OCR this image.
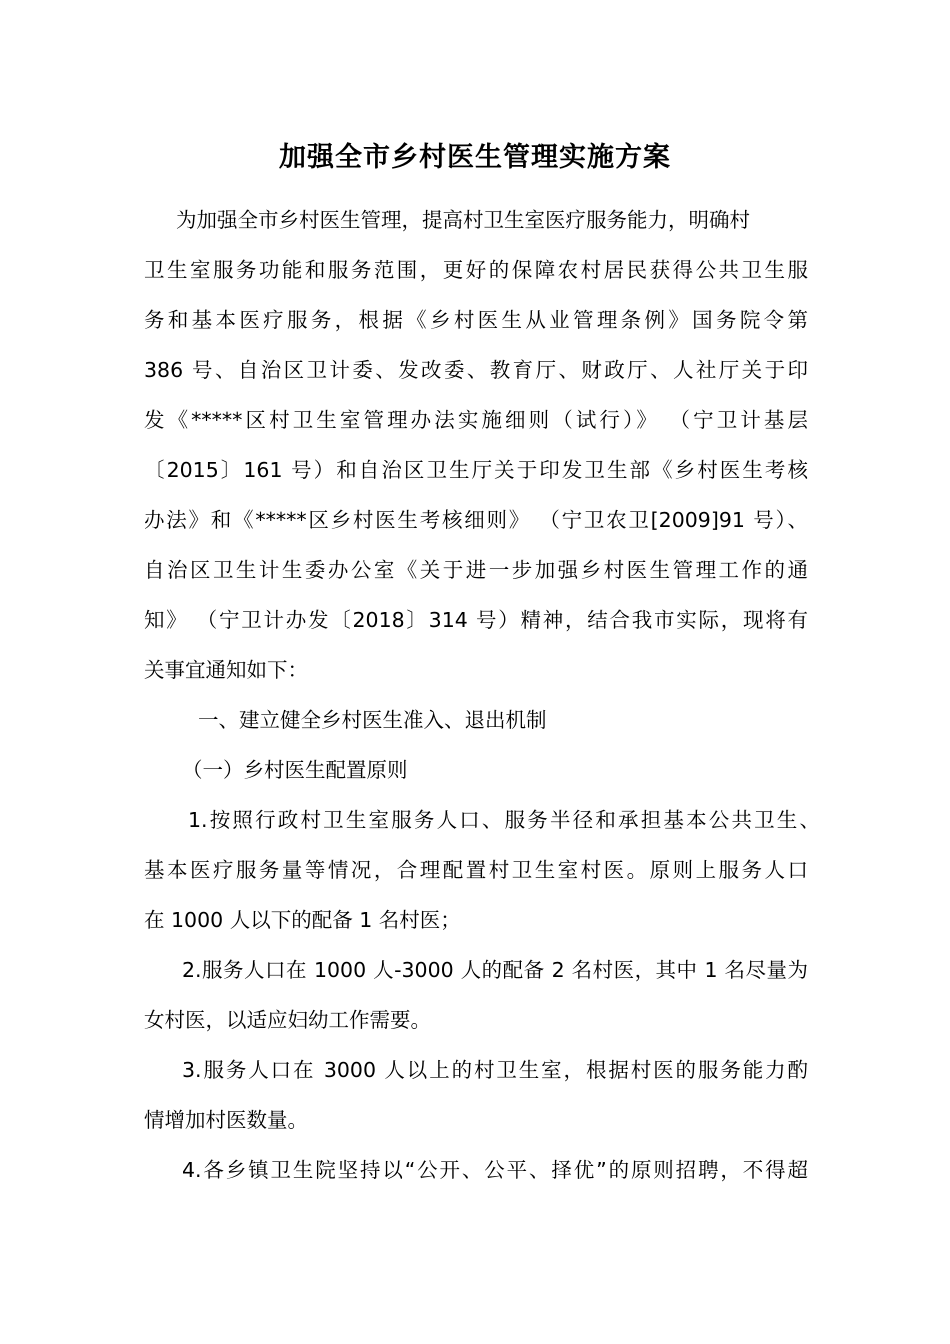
加强全市乡村医生管理实施方案
为加强全市乡村医生管理，提高村卫生室医疗服务能力，明确村
卫生室服务功能和服务范围，更好的保障农村居民获得公共卫生服
务和基本医疗服务，根据《乡村医生从业管理条例》国务院令第
386 号、自治区卫计委、发改委、教育厅、财政厅、人社厅关于印
发《*****区村卫生室管理办法实施细则（试行）》 （宁卫计基层
〔2015〕161 号）和自治区卫生厅关于印发卫生部《乡村医生考核
办法》和《*****区乡村医生考核细则》 （宁卫农卫[2009]91 号）、
自治区卫生计生委办公室《关于进一步加强乡村医生管理工作的通
知》 （宁卫计办发〔2018〕314 号）精神，结合我市实际，现将有
关事宜通知如下：
一、建立健全乡村医生准入、退出机制
（一）乡村医生配置原则
1.按照行政村卫生室服务人口、服务半径和承担基本公共卫生、
基本医疗服务量等情况，合理配置村卫生室村医。原则上服务人口
在 1000 人以下的配备 1 名村医；
2.服务人口在 1000 人-3000 人的配备 2 名村医，其中 1 名尽量为
女村医，以适应妇幼工作需要。
3.服务人口在 3000 人以上的村卫生室，根据村医的服务能力酌
情增加村医数量。
4.各乡镇卫生院坚持以“公开、公平、择优”的原则招聘，不得超
